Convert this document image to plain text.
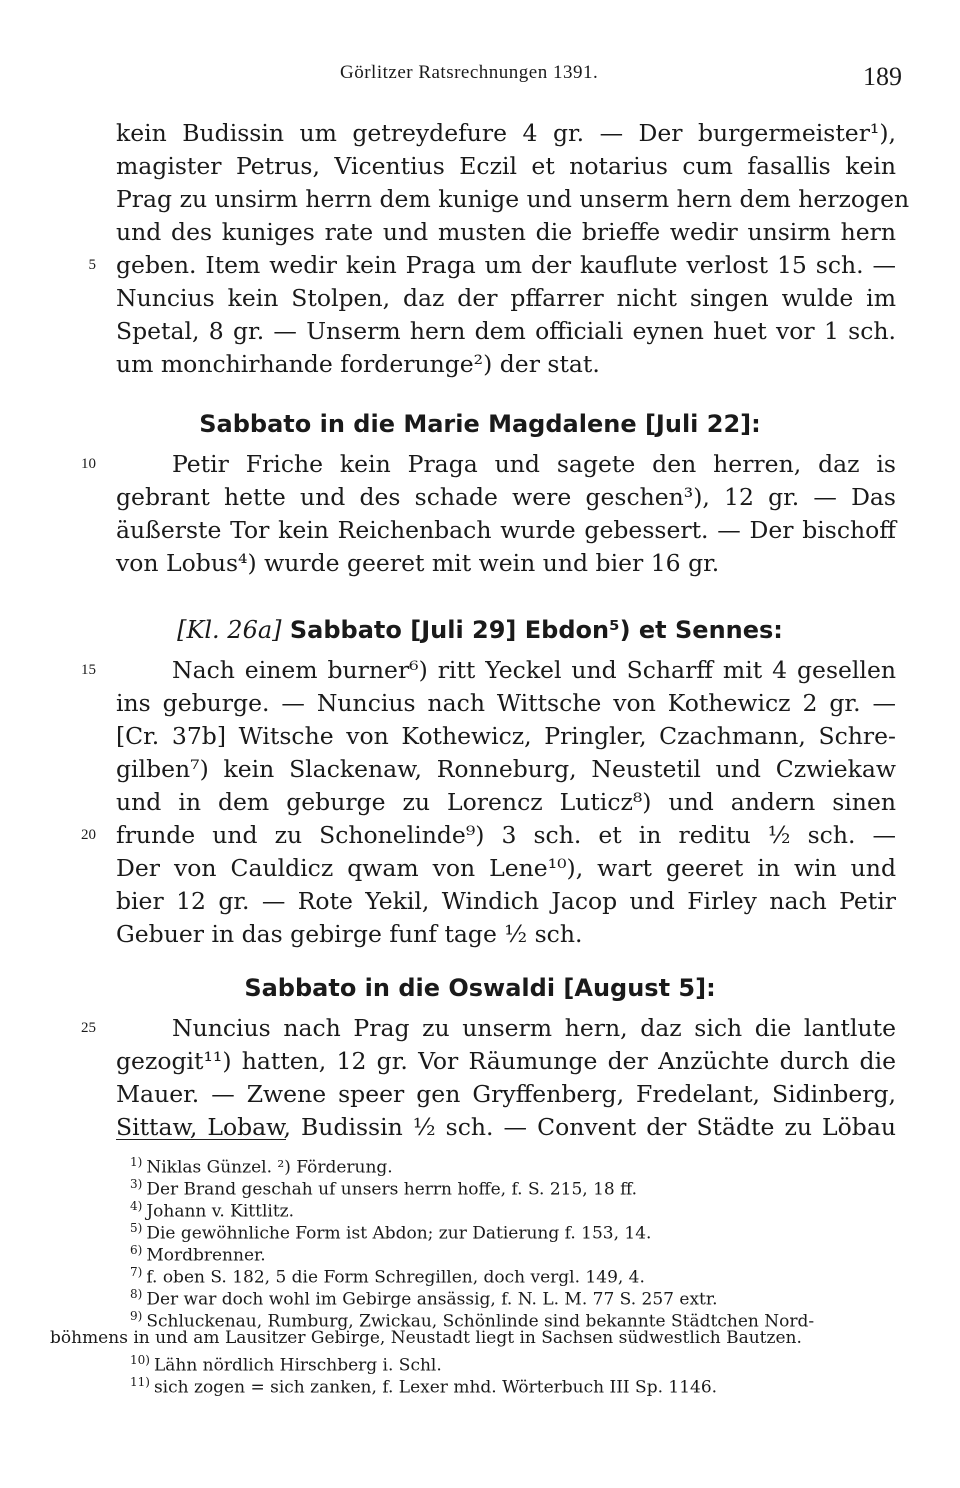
Görlitzer Ratsrechnungen 1391.	189
kein Budissin um getreydefure 4 gr. — Der burgermeister¹),
magister Petrus, Vicentius Eczil et notarius cum fasallis kein
Prag zu unsirm herrn dem kunige und unserm hern dem herzogen
und des kuniges rate und musten die brieffe wedir unsirm hern
5 geben. Item wedir kein Praga um der kauflute verlost 15 sch. —
Nuncius kein Stolpen, daz der pffarrer nicht singen wulde im
Spetal, 8 gr. — Unserm hern dem officiali eynen huet vor 1 sch.
um monchirhande forderunge²) der stat.
Sabbato in die Marie Magdalene [Juli 22]:
10	Petir Friche kein Praga und sagete den herren, daz is
gebrant hette und des schade were geschen³), 12 gr. — Das
äußerste Tor kein Reichenbach wurde gebessert. — Der bischoff
von Lobus⁴) wurde geeret mit wein und bier 16 gr.
[Kl. 26a] Sabbato [Juli 29] Ebdon⁵) et Sennes:
15	Nach einem burner⁶) ritt Yeckel und Scharff mit 4 gesellen
ins geburge. — Nuncius nach Wittsche von Kothewicz 2 gr. —
[Cr. 37b] Witsche von Kothewicz, Pringler, Czachmann, Schre-
gilben⁷) kein Slackenaw, Ronneburg, Neustetil und Czwiekaw
und in dem geburge zu Lorencz Luticz⁸) und andern sinen
20 frunde und zu Schonelinde⁹) 3 sch. et in reditu ½ sch. —
Der von Cauldicz qwam von Lene¹⁰), wart geeret in win und
bier 12 gr. — Rote Yekil, Windich Jacop und Firley nach Petir
Gebuer in das gebirge funf tage ½ sch.
Sabbato in die Oswaldi [August 5]:
25	Nuncius nach Prag zu unserm hern, daz sich die lantlute
gezogit¹¹) hatten, 12 gr. Vor Räumunge der Anzüchte durch die
Mauer. — Zwene speer gen Gryffenberg, Fredelant, Sidinberg,
Sittaw, Lobaw, Budissin ½ sch. — Convent der Städte zu Löbau
$^{1)}$ Niklas Günzel. ²) Förderung.
$^{3)}$ Der Brand geschah uf unsers herrn hoffe, f. S. 215, 18 ff.
$^{4)}$ Johann v. Kittlitz.
$^{5)}$ Die gewöhnliche Form ist Abdon; zur Datierung f. 153, 14.
$^{6)}$ Mordbrenner.
$^{7)}$ f. oben S. 182, 5 die Form Schregillen, doch vergl. 149, 4.
$^{8)}$ Der war doch wohl im Gebirge ansässig, f. N. L. M. 77 S. 257 extr.
$^{9)}$ Schluckenau, Rumburg, Zwickau, Schönlinde sind bekannte Städtchen Nord-
böhmens in und am Lausitzer Gebirge, Neustadt liegt in Sachsen südwestlich Bautzen.
$^{10)}$ Lähn nördlich Hirschberg i. Schl.
$^{11)}$ sich zogen = sich zanken, f. Lexer mhd. Wörterbuch III Sp. 1146.
